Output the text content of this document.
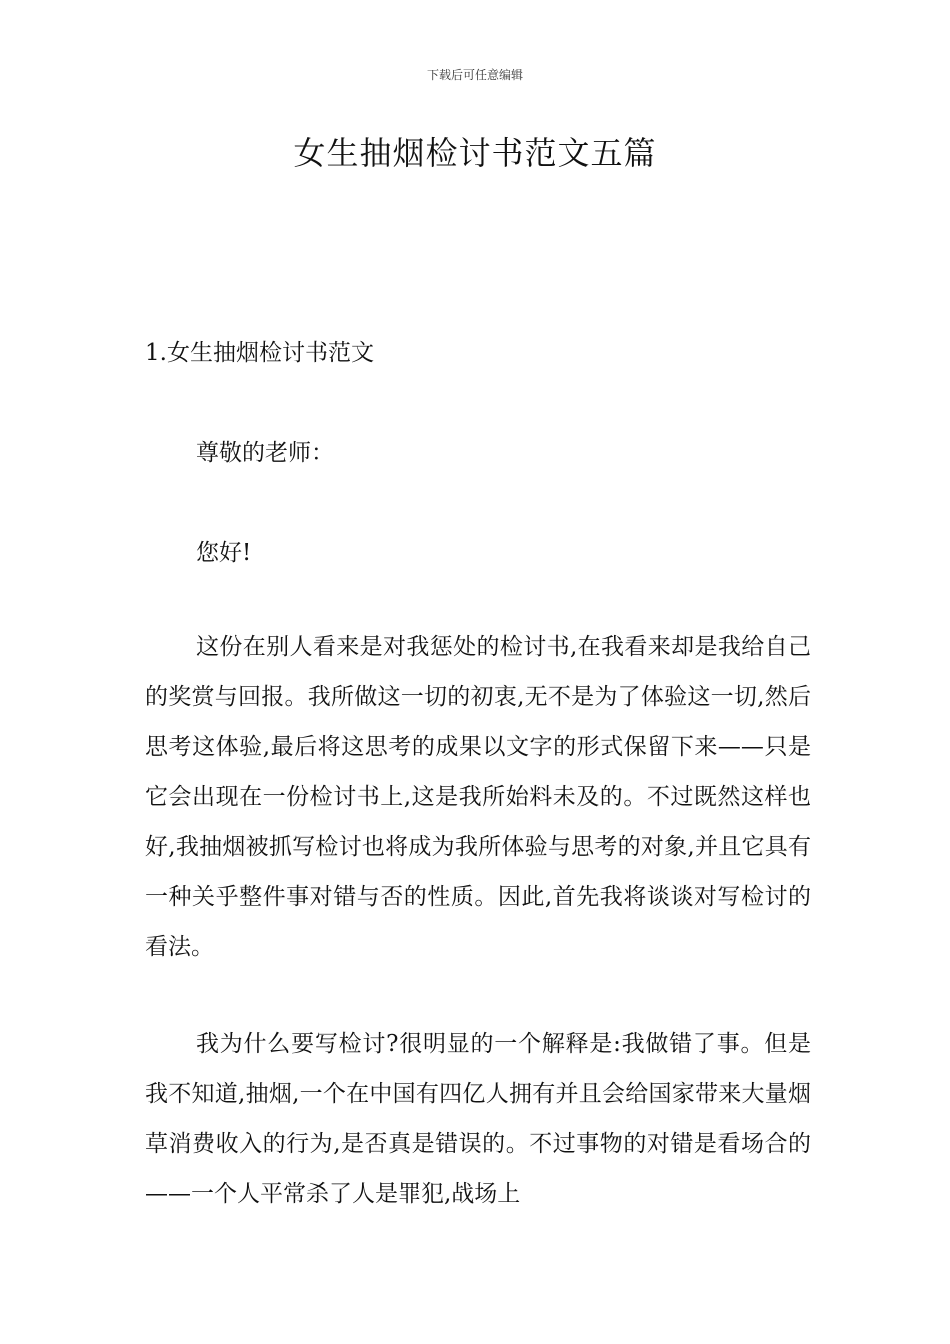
下载后可任意编辑
女生抽烟检讨书范文五篇
1.女生抽烟检讨书范文
尊敬的老师：
您好!

这份在别人看来是对我惩处的检讨书,在我看来却是我给自己的奖赏与回报。我所做这一切的初衷,无不是为了体验这一切,然后思考这体验,最后将这思考的成果以文字的形式保留下来——只是它会出现在一份检讨书上,这是我所始料未及的。不过既然这样也好,我抽烟被抓写检讨也将成为我所体验与思考的对象,并且它具有一种关乎整件事对错与否的性质。因此,首先我将谈谈对写检讨的看法。

我为什么要写检讨?很明显的一个解释是:我做错了事。但是我不知道,抽烟,一个在中国有四亿人拥有并且会给国家带来大量烟草消费收入的行为,是否真是错误的。不过事物的对错是看场合的——一个人平常杀了人是罪犯,战场上
